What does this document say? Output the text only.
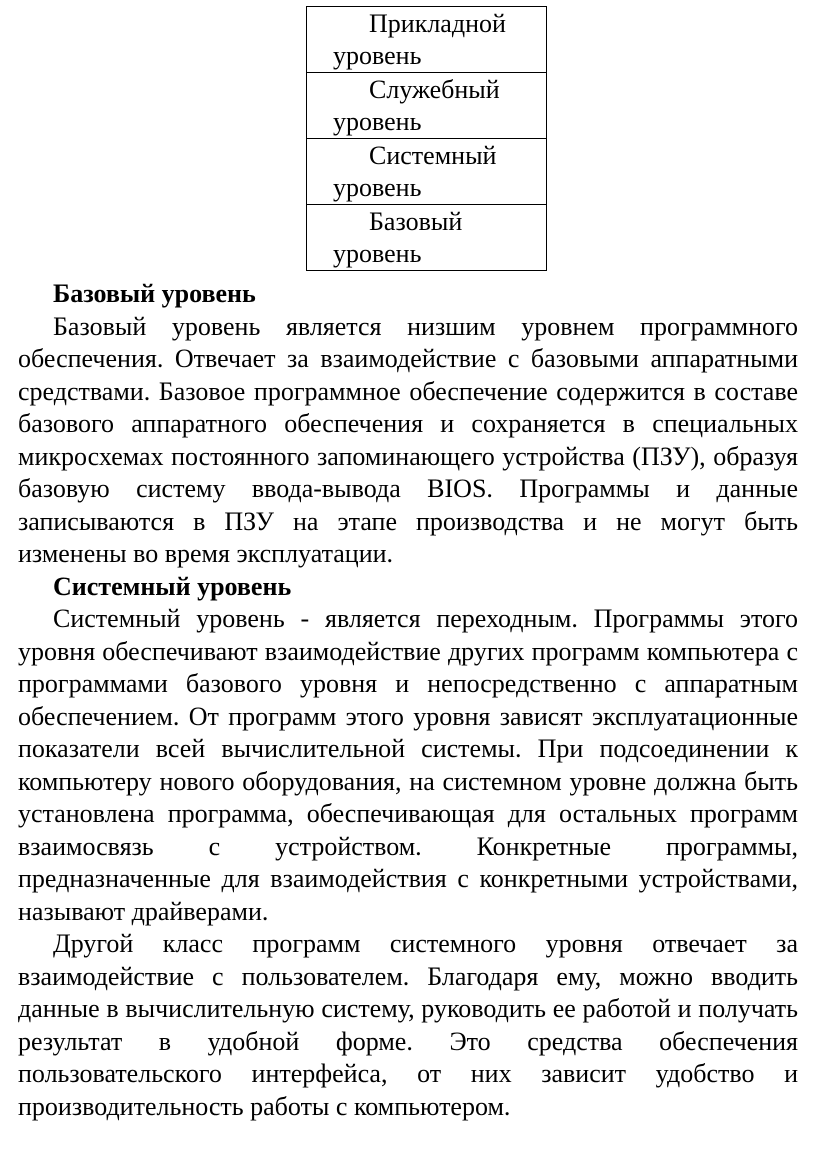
Прикладной уровень

Служебный уровень

Системный уровень

Базовый уровень
Базовый уровень

Базовый уровень является низшим уровнем программного обеспечения. Отвечает за взаимодействие с базовыми аппаратными средствами. Базовое программное обеспечение содержится в составе базового аппаратного обеспечения и сохраняется в специальных микросхемах постоянного запоминающего устройства (ПЗУ), образуя базовую систему ввода-вывода BIOS. Программы и данные записываются в ПЗУ на этапе производства и не могут быть изменены во время эксплуатации.

Системный уровень

Системный уровень - является переходным. Программы этого уровня обеспечивают взаимодействие других программ компьютера с программами базового уровня и непосредственно с аппаратным обеспечением. От программ этого уровня зависят эксплуатационные показатели всей вычислительной системы. При подсоединении к компьютеру нового оборудования, на системном уровне должна быть установлена программа, обеспечивающая для остальных программ взаимосвязь с устройством. Конкретные программы, предназначенные для взаимодействия с конкретными устройствами, называют драйверами.

Другой класс программ системного уровня отвечает за взаимодействие с пользователем. Благодаря ему, можно вводить данные в вычислительную систему, руководить ее работой и получать результат в удобной форме. Это средства обеспечения пользовательского интерфейса, от них зависит удобство и производительность работы с компьютером.
